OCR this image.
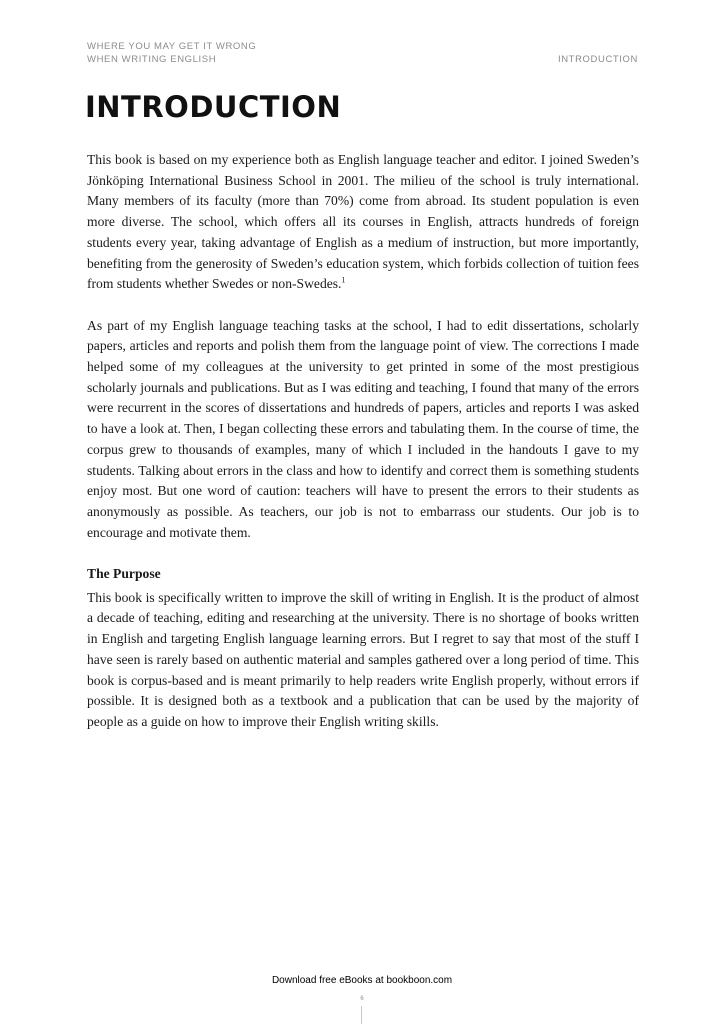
WHERE YOU MAY GET IT WRONG
WHEN WRITING ENGLISH	INTRODUCTION
INTRODUCTION

This book is based on my experience both as English language teacher and editor. I joined Sweden’s Jönköping International Business School in 2001. The milieu of the school is truly international. Many members of its faculty (more than 70%) come from abroad. Its student population is even more diverse. The school, which offers all its courses in English, attracts hundreds of foreign students every year, taking advantage of English as a medium of instruction, but more importantly, benefiting from the generosity of Sweden’s education system, which forbids collection of tuition fees from students whether Swedes or non-Swedes.$^1$

As part of my English language teaching tasks at the school, I had to edit dissertations, scholarly papers, articles and reports and polish them from the language point of view. The corrections I made helped some of my colleagues at the university to get printed in some of the most prestigious scholarly journals and publications. But as I was editing and teaching, I found that many of the errors were recurrent in the scores of dissertations and hundreds of papers, articles and reports I was asked to have a look at. Then, I began collecting these errors and tabulating them. In the course of time, the corpus grew to thousands of examples, many of which I included in the handouts I gave to my students. Talking about errors in the class and how to identify and correct them is something students enjoy most. But one word of caution: teachers will have to present the errors to their students as anonymously as possible. As teachers, our job is not to embarrass our students. Our job is to encourage and motivate them.

The Purpose

This book is specifically written to improve the skill of writing in English. It is the product of almost a decade of teaching, editing and researching at the university. There is no shortage of books written in English and targeting English language learning errors. But I regret to say that most of the stuff I have seen is rarely based on authentic material and samples gathered over a long period of time. This book is corpus-based and is meant primarily to help readers write English properly, without errors if possible. It is designed both as a textbook and a publication that can be used by the majority of people as a guide on how to improve their English writing skills.

Download free eBooks at bookboon.com
6
